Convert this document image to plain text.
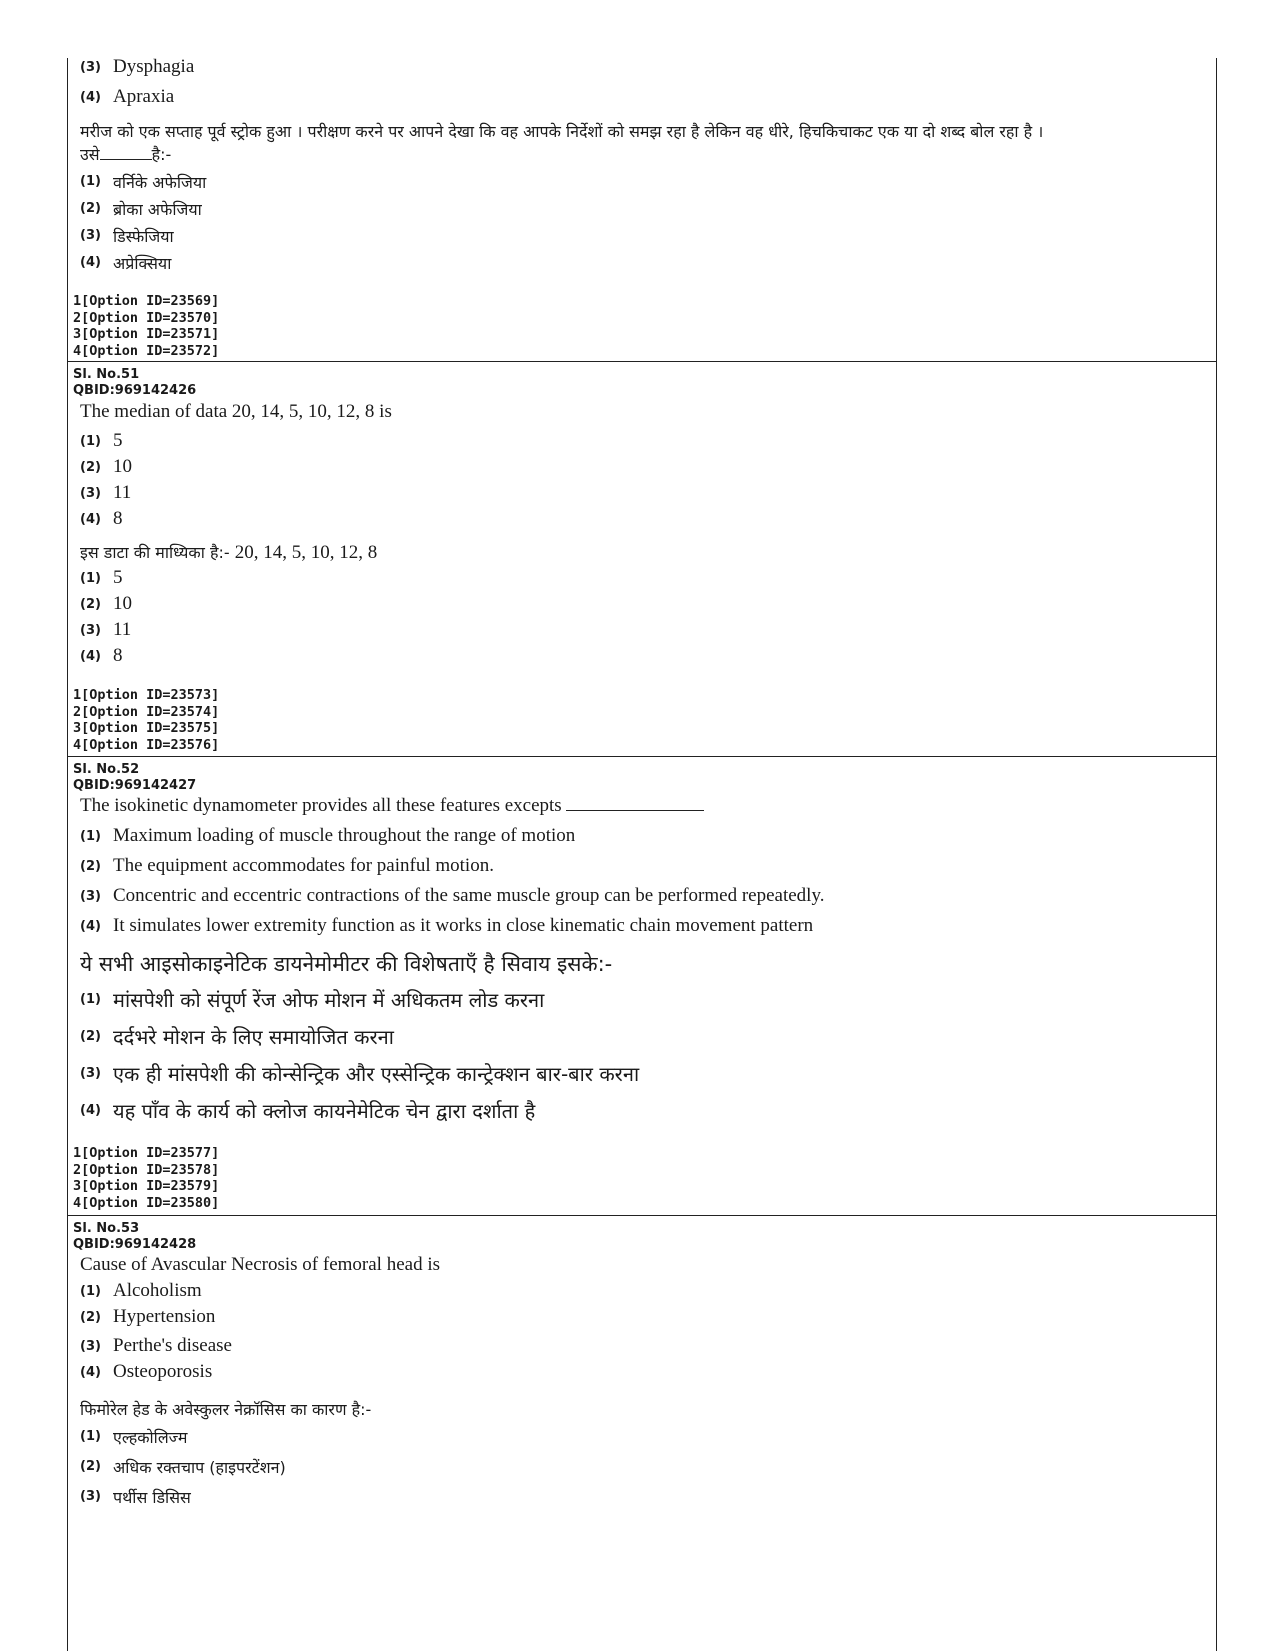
(3) Dysphagia
(4) Apraxia
मरीज को एक सप्ताह पूर्व स्ट्रोक हुआ । परीक्षण करने पर आपने देखा कि वह आपके निर्देशों को समझ रहा है लेकिन वह धीरे, हिचकिचाकट एक या दो शब्द बोल रहा है ।
उसे	है:-
(1) वर्निके अफेजिया
(2) ब्रोका अफेजिया
(3) डिस्फेजिया
(4) अप्रेक्सिया
1[Option ID=23569]
2[Option ID=23570]
3[Option ID=23571]
4[Option ID=23572]
Sl. No.51
QBID:969142426
The median of data 20, 14, 5, 10, 12, 8 is
(1) 5
(2) 10
(3) 11
(4) 8
इस डाटा की माध्यिका है:- 20, 14, 5, 10, 12, 8
(1) 5
(2) 10
(3) 11
(4) 8
1[Option ID=23573]
2[Option ID=23574]
3[Option ID=23575]
4[Option ID=23576]
Sl. No.52
QBID:969142427
The isokinetic dynamometer provides all these features excepts
(1) Maximum loading of muscle throughout the range of motion
(2) The equipment accommodates for painful motion.
(3) Concentric and eccentric contractions of the same muscle group can be performed repeatedly.
(4) It simulates lower extremity function as it works in close kinematic chain movement pattern
ये सभी आइसोकाइनेटिक डायनेमोमीटर की विशेषताएँ है सिवाय इसके:-
(1) मांसपेशी को संपूर्ण रेंज ओफ मोशन में अधिकतम लोड करना
(2) दर्दभरे मोशन के लिए समायोजित करना
(3) एक ही मांसपेशी की कोन्सेन्ट्रिक और एस्सेन्ट्रिक कान्ट्रेक्शन बार-बार करना
(4) यह पाँव के कार्य को क्लोज कायनेमेटिक चेन द्वारा दर्शाता है
1[Option ID=23577]
2[Option ID=23578]
3[Option ID=23579]
4[Option ID=23580]
Sl. No.53
QBID:969142428
Cause of Avascular Necrosis of femoral head is
(1) Alcoholism
(2) Hypertension
(3) Perthe's disease
(4) Osteoporosis
फिमोरेल हेड के अवेस्कुलर नेक्रॉसिस का कारण है:-
(1) एल्हकोलिज्म
(2) अधिक रक्तचाप (हाइपरटेंशन)
(3) पर्थीस डिसिस
